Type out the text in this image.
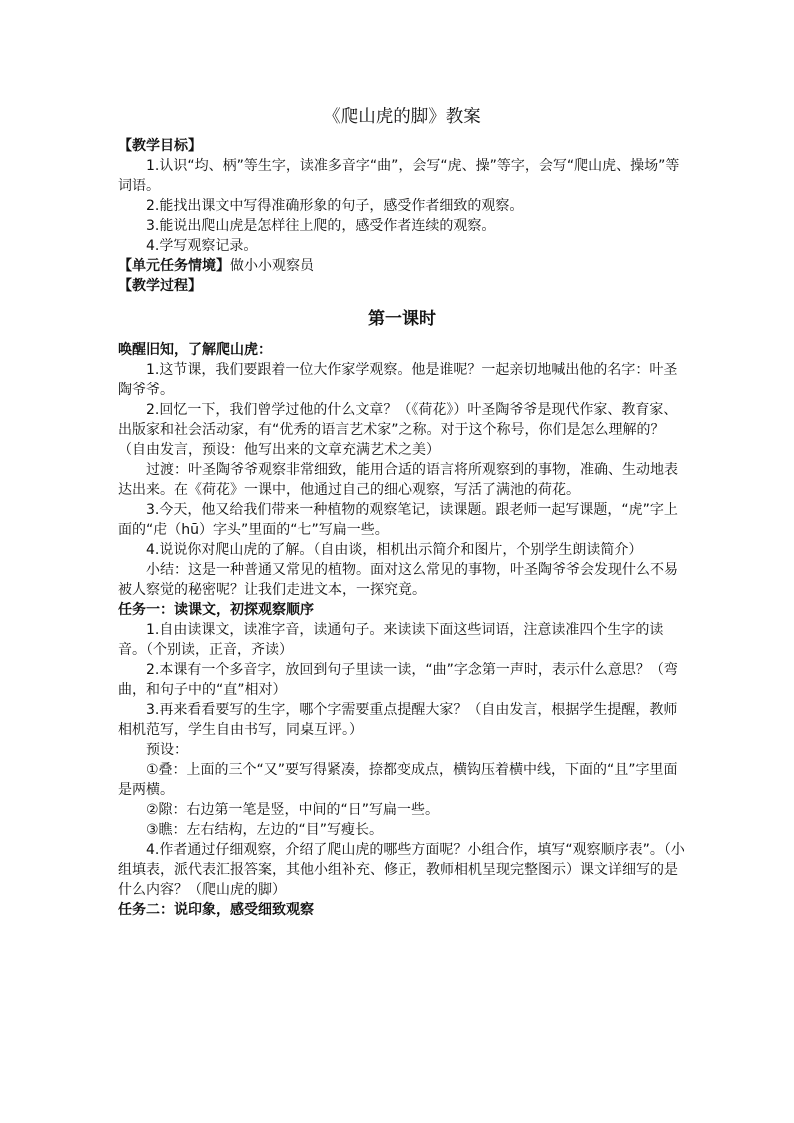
《爬山虎的脚》教案

【教学目标】

1.认识“均、柄”等生字，读准多音字“曲”，会写“虎、操”等字，会写“爬山虎、操场”等词语。

2.能找出课文中写得准确形象的句子，感受作者细致的观察。

3.能说出爬山虎是怎样往上爬的，感受作者连续的观察。

4.学写观察记录。

【单元任务情境】做小小观察员

【教学过程】

第一课时

唤醒旧知，了解爬山虎：

1.这节课，我们要跟着一位大作家学观察。他是谁呢？一起亲切地喊出他的名字：叶圣陶爷爷。

2.回忆一下，我们曾学过他的什么文章？（《荷花》）叶圣陶爷爷是现代作家、教育家、出版家和社会活动家，有“优秀的语言艺术家”之称。对于这个称号，你们是怎么理解的？（自由发言，预设：他写出来的文章充满艺术之美）

过渡：叶圣陶爷爷观察非常细致，能用合适的语言将所观察到的事物，准确、生动地表达出来。在《荷花》一课中，他通过自己的细心观察，写活了满池的荷花。

3.今天，他又给我们带来一种植物的观察笔记，读课题。跟老师一起写课题，“虎”字上面的“虍（hū）字头”里面的“七”写扁一些。

4.说说你对爬山虎的了解。（自由谈，相机出示简介和图片，个别学生朗读简介）

小结：这是一种普通又常见的植物。面对这么常见的事物，叶圣陶爷爷会发现什么不易被人察觉的秘密呢？让我们走进文本，一探究竟。

任务一：读课文，初探观察顺序

1.自由读课文，读准字音，读通句子。来读读下面这些词语，注意读准四个生字的读音。（个别读，正音，齐读）

2.本课有一个多音字，放回到句子里读一读，“曲”字念第一声时，表示什么意思？（弯曲，和句子中的“直”相对）

3.再来看看要写的生字，哪个字需要重点提醒大家？（自由发言，根据学生提醒，教师相机范写，学生自由书写，同桌互评。）

预设：

①叠：上面的三个“又”要写得紧凑，捺都变成点，横钩压着横中线，下面的“且”字里面是两横。

②隙：右边第一笔是竖，中间的“日”写扁一些。

③瞧：左右结构，左边的“目”写瘦长。

4.作者通过仔细观察，介绍了爬山虎的哪些方面呢？小组合作，填写“观察顺序表”。（小组填表，派代表汇报答案，其他小组补充、修正，教师相机呈现完整图示）课文详细写的是什么内容？（爬山虎的脚）

任务二：说印象，感受细致观察
